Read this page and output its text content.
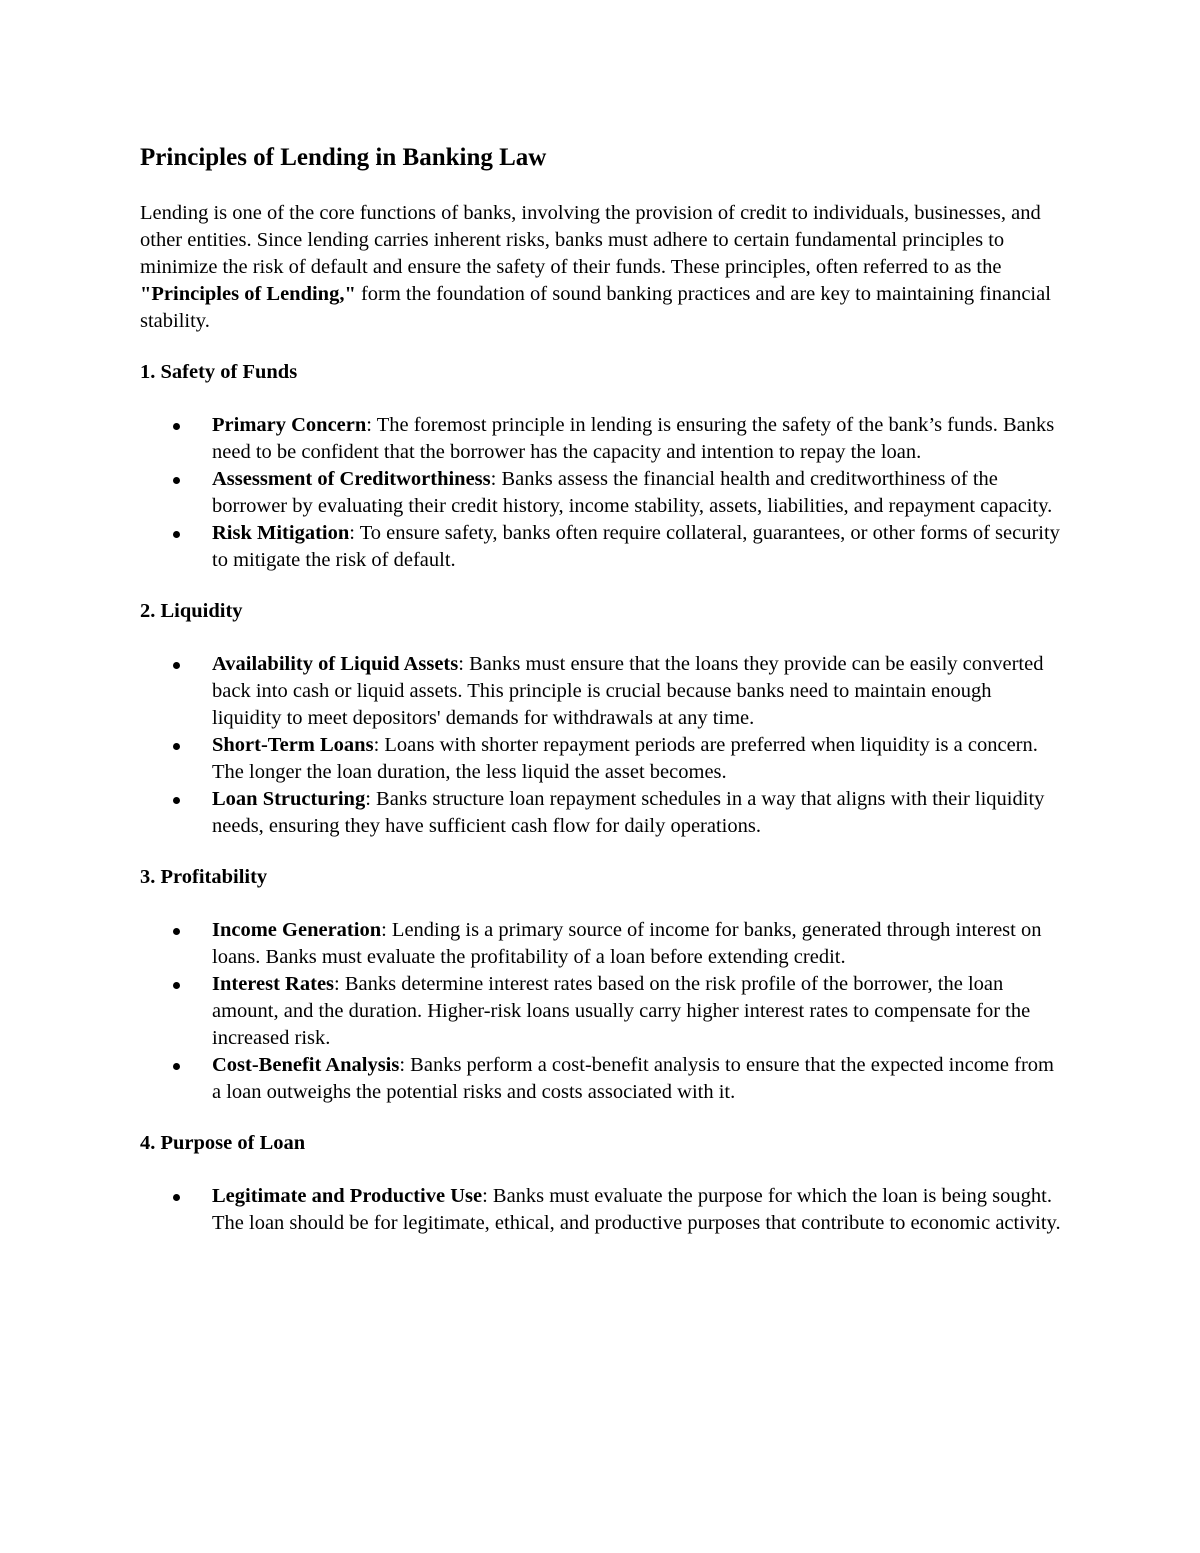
Principles of Lending in Banking Law

Lending is one of the core functions of banks, involving the provision of credit to individuals, businesses, and other entities. Since lending carries inherent risks, banks must adhere to certain fundamental principles to minimize the risk of default and ensure the safety of their funds. These principles, often referred to as the "Principles of Lending," form the foundation of sound banking practices and are key to maintaining financial stability.

1. Safety of Funds
Primary Concern: The foremost principle in lending is ensuring the safety of the bank’s funds. Banks need to be confident that the borrower has the capacity and intention to repay the loan.
Assessment of Creditworthiness: Banks assess the financial health and creditworthiness of the borrower by evaluating their credit history, income stability, assets, liabilities, and repayment capacity.
Risk Mitigation: To ensure safety, banks often require collateral, guarantees, or other forms of security to mitigate the risk of default.
2. Liquidity
Availability of Liquid Assets: Banks must ensure that the loans they provide can be easily converted back into cash or liquid assets. This principle is crucial because banks need to maintain enough liquidity to meet depositors' demands for withdrawals at any time.
Short-Term Loans: Loans with shorter repayment periods are preferred when liquidity is a concern. The longer the loan duration, the less liquid the asset becomes.
Loan Structuring: Banks structure loan repayment schedules in a way that aligns with their liquidity needs, ensuring they have sufficient cash flow for daily operations.
3. Profitability
Income Generation: Lending is a primary source of income for banks, generated through interest on loans. Banks must evaluate the profitability of a loan before extending credit.
Interest Rates: Banks determine interest rates based on the risk profile of the borrower, the loan amount, and the duration. Higher-risk loans usually carry higher interest rates to compensate for the increased risk.
Cost-Benefit Analysis: Banks perform a cost-benefit analysis to ensure that the expected income from a loan outweighs the potential risks and costs associated with it.
4. Purpose of Loan
Legitimate and Productive Use: Banks must evaluate the purpose for which the loan is being sought. The loan should be for legitimate, ethical, and productive purposes that contribute to economic activity.
